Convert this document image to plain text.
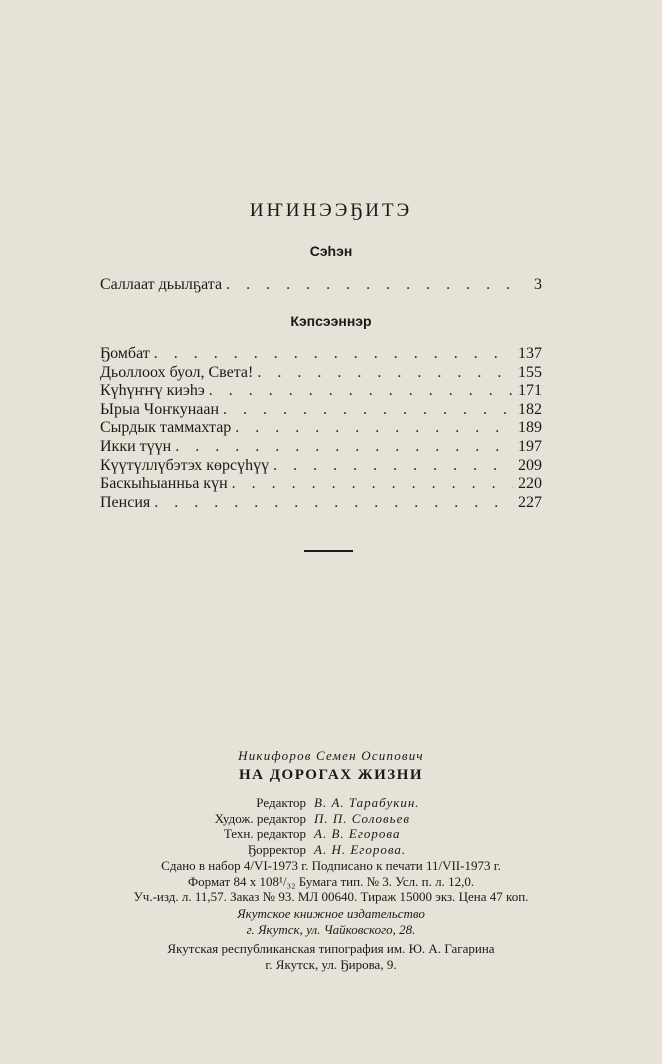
ИҤИНЭЭҔИТЭ
Сэһэн
Саллаат дьылҕата . . .	3
Кэпсээннэр
Ҕомбат . . .	137
Дьоллоох буол, Света! . . .	155
Күһүҥҥү киэһэ . . .	171
Ырыа Чоҥкунаан . . .	182
Сырдык таммахтар . . .	189
Икки түүн . . .	197
Күүтүллүбэтэх көрсүһүү . . .	209
Баскыһыанньа күн . . .	220
Пенсия . . .	227
Никифоров Семен Осипович
НА ДОРОГАХ ЖИЗНИ
Редактор В. А. Тарабукин.
Худож. редактор П. П. Соловьев
Техн. редактор А. В. Егорова
Ҕорректор А. Н. Егорова.
Сдано в набор 4/VI-1973 г. Подписано к печати 11/VII-1973 г.
Формат 84 х 108¹/₃₂ Бумага тип. № 3. Усл. п. л. 12,0.
Уч.-изд. л. 11,57. Заказ № 93. МЛ 00640. Тираж 15000 экз. Цена 47 коп.
Якутское книжное издательство
г. Якутск, ул. Чайковского, 28.
Якутская республиканская типография им. Ю. А. Гагарина
г. Якутск, ул. Ҕирова, 9.
